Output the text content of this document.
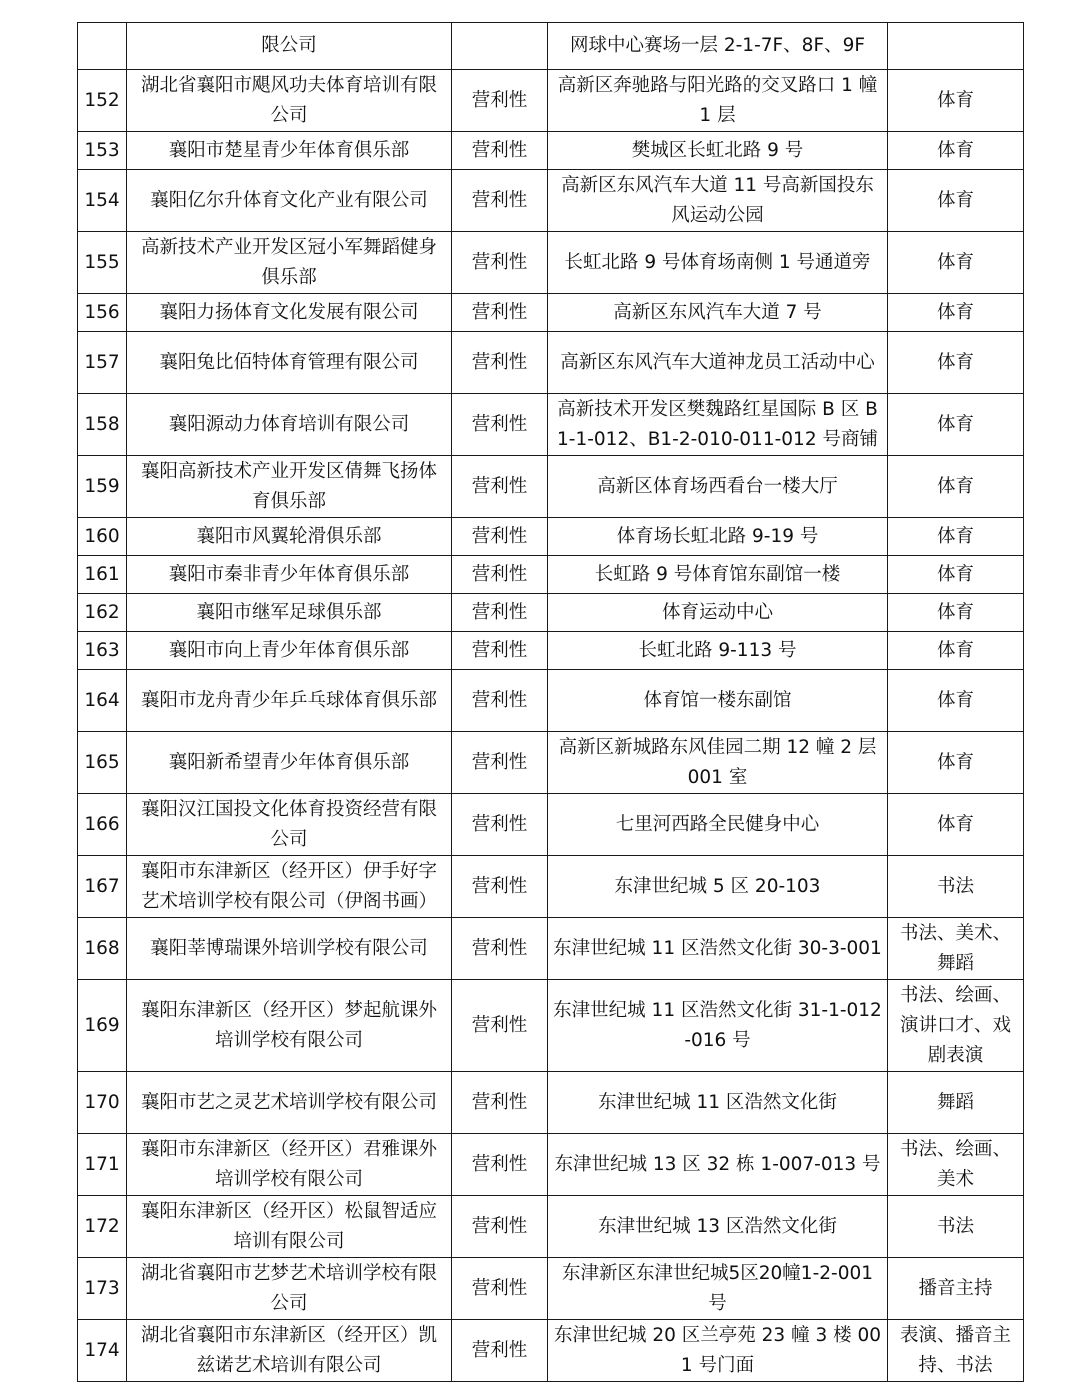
	限公司		网球中心赛场一层 2-1-7F、8F、9F	
152	湖北省襄阳市飓风功夫体育培训有限公司	营利性	高新区奔驰路与阳光路的交叉路口 1 幢 1 层	体育
153	襄阳市楚星青少年体育俱乐部	营利性	樊城区长虹北路 9 号	体育
154	襄阳亿尔升体育文化产业有限公司	营利性	高新区东风汽车大道 11 号高新国投东风运动公园	体育
155	高新技术产业开发区冠小军舞蹈健身俱乐部	营利性	长虹北路 9 号体育场南侧 1 号通道旁	体育
156	襄阳力扬体育文化发展有限公司	营利性	高新区东风汽车大道 7 号	体育
157	襄阳兔比佰特体育管理有限公司	营利性	高新区东风汽车大道神龙员工活动中心	体育
158	襄阳源动力体育培训有限公司	营利性	高新技术开发区樊魏路红星国际 B 区 B1-1-012、B1-2-010-011-012 号商铺	体育
159	襄阳高新技术产业开发区倩舞飞扬体育俱乐部	营利性	高新区体育场西看台一楼大厅	体育
160	襄阳市风翼轮滑俱乐部	营利性	体育场长虹北路 9-19 号	体育
161	襄阳市秦非青少年体育俱乐部	营利性	长虹路 9 号体育馆东副馆一楼	体育
162	襄阳市继军足球俱乐部	营利性	体育运动中心	体育
163	襄阳市向上青少年体育俱乐部	营利性	长虹北路 9-113 号	体育
164	襄阳市龙舟青少年乒乓球体育俱乐部	营利性	体育馆一楼东副馆	体育
165	襄阳新希望青少年体育俱乐部	营利性	高新区新城路东风佳园二期 12 幢 2 层 001 室	体育
166	襄阳汉江国投文化体育投资经营有限公司	营利性	七里河西路全民健身中心	体育
167	襄阳市东津新区（经开区）伊手好字艺术培训学校有限公司（伊阁书画）	营利性	东津世纪城 5 区 20-103	书法
168	襄阳莘博瑞课外培训学校有限公司	营利性	东津世纪城 11 区浩然文化街 30-3-001	书法、美术、舞蹈
169	襄阳东津新区（经开区）梦起航课外培训学校有限公司	营利性	东津世纪城 11 区浩然文化街 31-1-012-016 号	书法、绘画、演讲口才、戏剧表演
170	襄阳市艺之灵艺术培训学校有限公司	营利性	东津世纪城 11 区浩然文化街	舞蹈
171	襄阳市东津新区（经开区）君雅课外培训学校有限公司	营利性	东津世纪城 13 区 32 栋 1-007-013 号	书法、绘画、美术
172	襄阳东津新区（经开区）松鼠智适应培训有限公司	营利性	东津世纪城 13 区浩然文化街	书法
173	湖北省襄阳市艺梦艺术培训学校有限公司	营利性	东津新区东津世纪城5区20幢1-2-001号	播音主持
174	湖北省襄阳市东津新区（经开区）凯兹诺艺术培训有限公司	营利性	东津世纪城 20 区兰亭苑 23 幢 3 楼 001 号门面	表演、播音主持、书法
